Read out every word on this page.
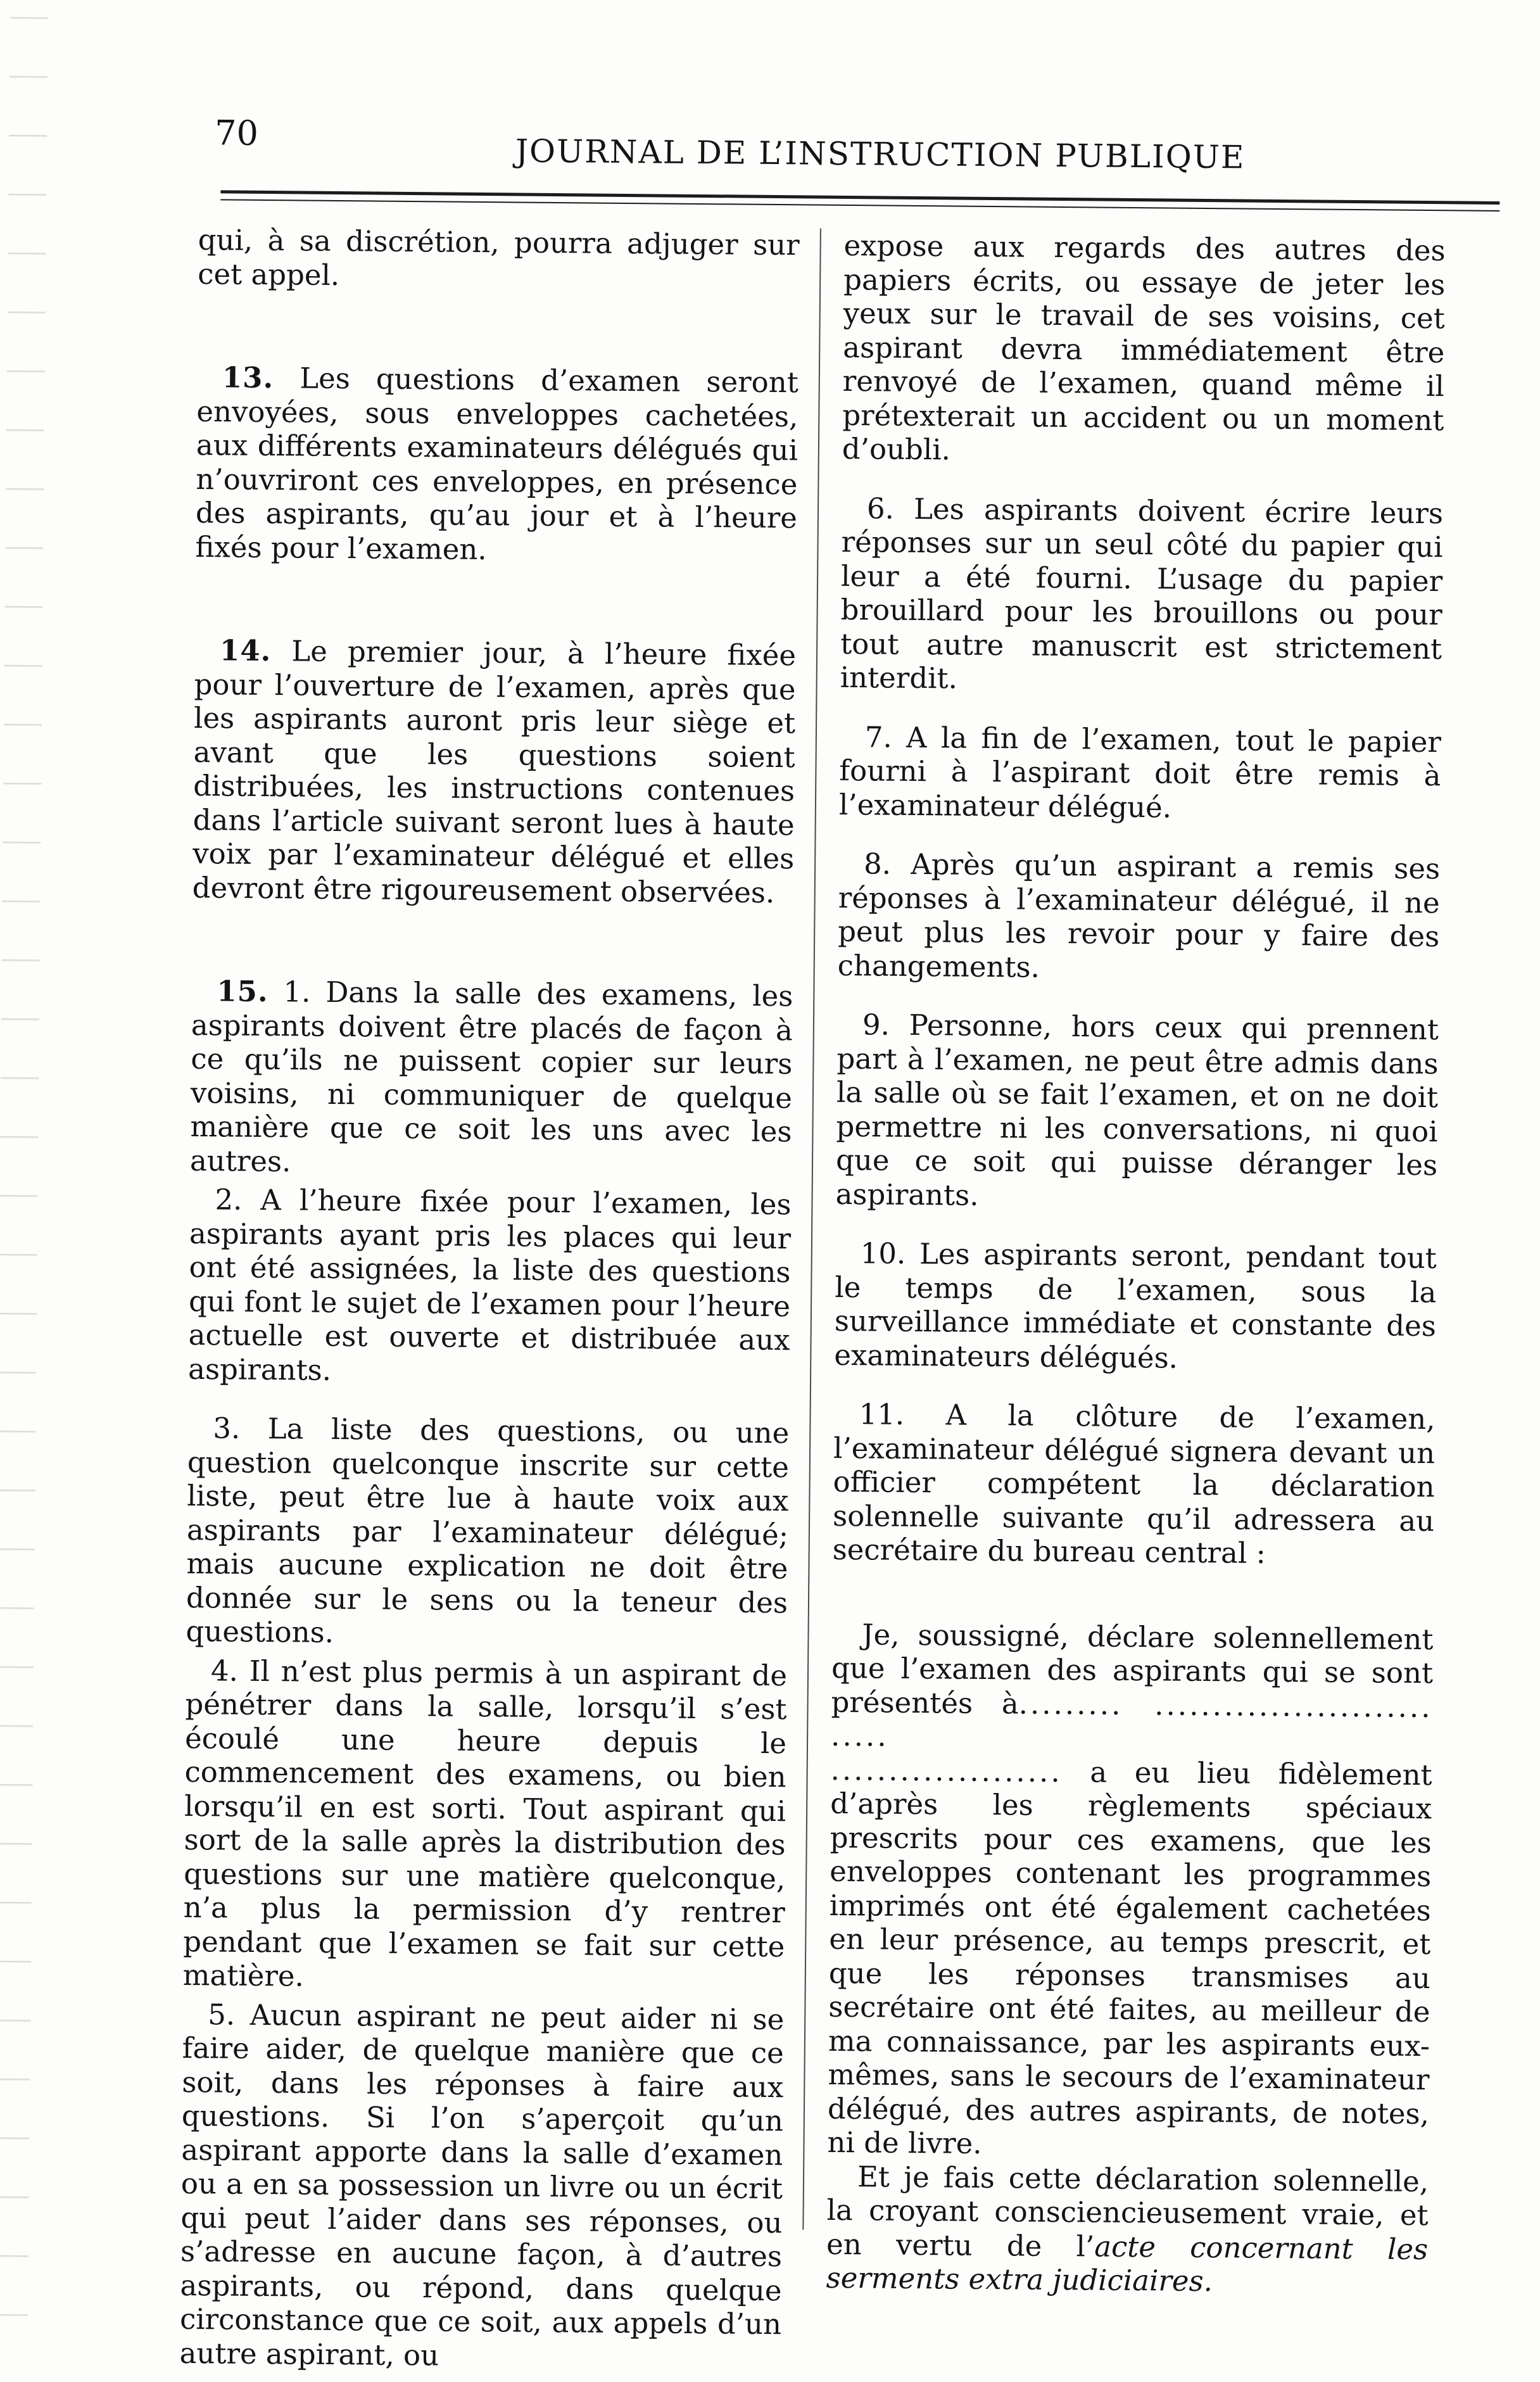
70	JOURNAL DE L’INSTRUCTION PUBLIQUE

qui, à sa discrétion, pourra adjuger sur cet appel.

13. Les questions d’examen seront envoyées, sous enveloppes cachetées, aux différents examinateurs délégués qui n’ouvriront ces enveloppes, en présence des aspirants, qu’au jour et à l’heure fixés pour l’examen.

14. Le premier jour, à l’heure fixée pour l’ouverture de l’examen, après que les aspirants auront pris leur siège et avant que les questions soient distribuées, les instructions contenues dans l’article suivant seront lues à haute voix par l’examinateur délégué et elles devront être rigoureusement observées.

15. 1. Dans la salle des examens, les aspirants doivent être placés de façon à ce qu’ils ne puissent copier sur leurs voisins, ni communiquer de quelque manière que ce soit les uns avec les autres.

2. A l’heure fixée pour l’examen, les aspirants ayant pris les places qui leur ont été assignées, la liste des questions qui font le sujet de l’examen pour l’heure actuelle est ouverte et distribuée aux aspirants.

3. La liste des questions, ou une question quelconque inscrite sur cette liste, peut être lue à haute voix aux aspirants par l’examinateur délégué; mais aucune explication ne doit être donnée sur le sens ou la teneur des questions.

4. Il n’est plus permis à un aspirant de pénétrer dans la salle, lorsqu’il s’est écoulé une heure depuis le commencement des examens, ou bien lorsqu’il en est sorti. Tout aspirant qui sort de la salle après la distribution des questions sur une matière quelconque, n’a plus la permission d’y rentrer pendant que l’examen se fait sur cette matière.

5. Aucun aspirant ne peut aider ni se faire aider, de quelque manière que ce soit, dans les réponses à faire aux questions. Si l’on s’aperçoit qu’un aspirant apporte dans la salle d’examen ou a en sa possession un livre ou un écrit qui peut l’aider dans ses réponses, ou s’adresse en aucune façon, à d’autres aspirants, ou répond, dans quelque circonstance que ce soit, aux appels d’un autre aspirant, ou

expose aux regards des autres des papiers écrits, ou essaye de jeter les yeux sur le travail de ses voisins, cet aspirant devra immédiatement être renvoyé de l’examen, quand même il prétexterait un accident ou un moment d’oubli.

6. Les aspirants doivent écrire leurs réponses sur un seul côté du papier qui leur a été fourni. L’usage du papier brouillard pour les brouillons ou pour tout autre manuscrit est strictement interdit.

7. A la fin de l’examen, tout le papier fourni à l’aspirant doit être remis à l’examinateur délégué.

8. Après qu’un aspirant a remis ses réponses à l’examinateur délégué, il ne peut plus les revoir pour y faire des changements.

9. Personne, hors ceux qui prennent part à l’examen, ne peut être admis dans la salle où se fait l’examen, et on ne doit permettre ni les conversations, ni quoi que ce soit qui puisse déranger les aspirants.

10. Les aspirants seront, pendant tout le temps de l’examen, sous la surveillance immédiate et constante des examinateurs délégués.

11. A la clôture de l’examen, l’examinateur délégué signera devant un officier compétent la déclaration solennelle suivante qu’il adressera au secrétaire du bureau central :

Je, soussigné, déclare solennellement que l’examen des aspirants qui se sont présentés à......... ........................ .....

.................... a eu lieu fidèlement d’après les règlements spéciaux prescrits pour ces examens, que les enveloppes contenant les programmes imprimés ont été également cachetées en leur présence, au temps prescrit, et que les réponses transmises au secrétaire ont été faites, au meilleur de ma connaissance, par les aspirants eux-mêmes, sans le secours de l’examinateur délégué, des autres aspirants, de notes, ni de livre.

Et je fais cette déclaration solennelle, la croyant consciencieusement vraie, et en vertu de l’acte concernant les serments extra judiciaires.
